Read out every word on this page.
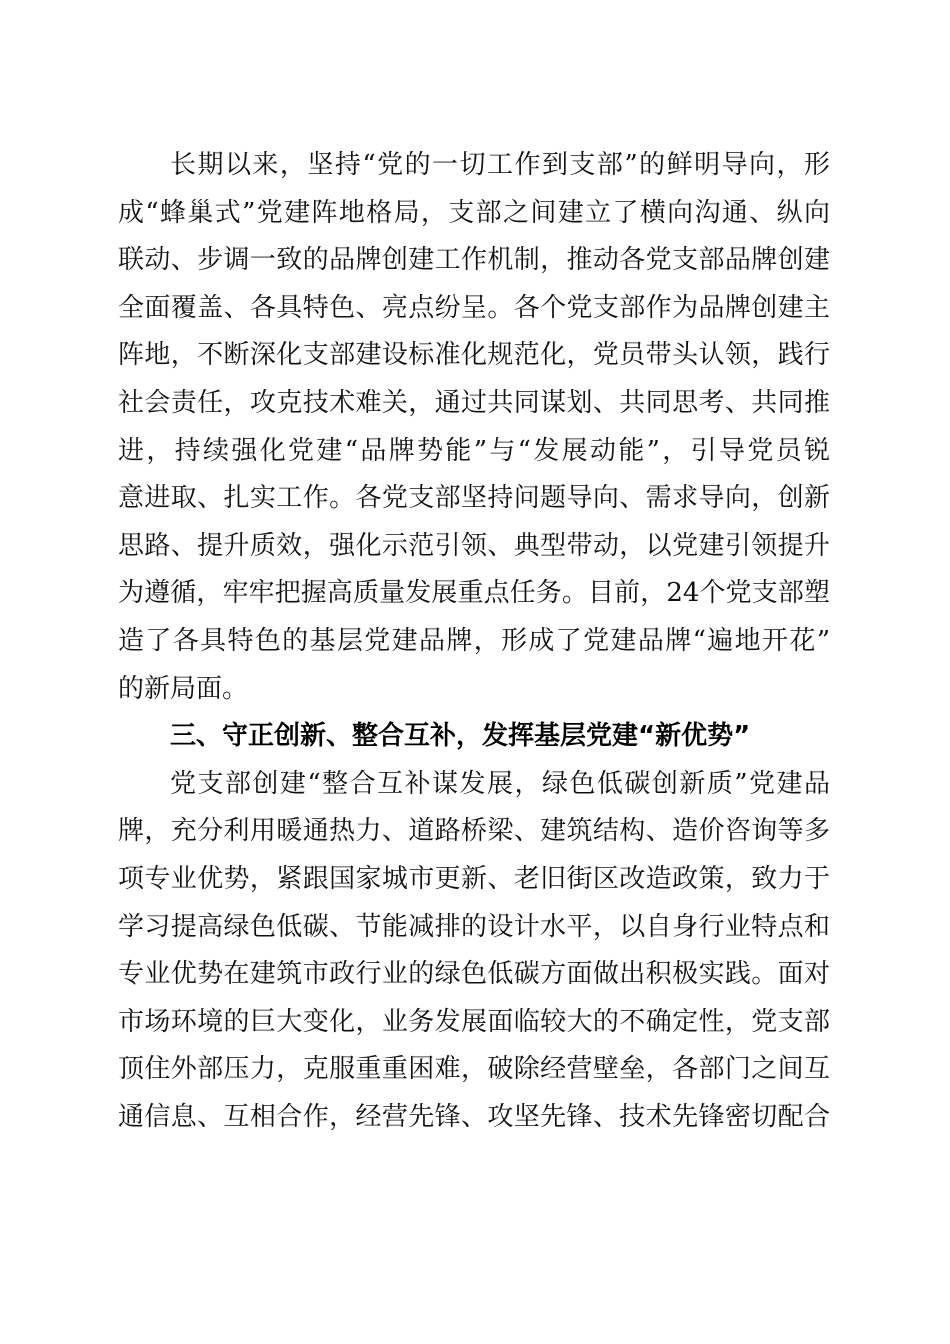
长期以来，坚持“党的一切工作到支部”的鲜明导向，形
成“蜂巢式”党建阵地格局，支部之间建立了横向沟通、纵向
联动、步调一致的品牌创建工作机制，推动各党支部品牌创建
全面覆盖、各具特色、亮点纷呈。各个党支部作为品牌创建主
阵地，不断深化支部建设标准化规范化，党员带头认领，践行
社会责任，攻克技术难关，通过共同谋划、共同思考、共同推
进，持续强化党建“品牌势能”与“发展动能”，引导党员锐
意进取、扎实工作。各党支部坚持问题导向、需求导向，创新
思路、提升质效，强化示范引领、典型带动，以党建引领提升
为遵循，牢牢把握高质量发展重点任务。目前，24个党支部塑
造了各具特色的基层党建品牌，形成了党建品牌“遍地开花”
的新局面。
三、守正创新、整合互补，发挥基层党建“新优势”
党支部创建“整合互补谋发展，绿色低碳创新质”党建品
牌，充分利用暖通热力、道路桥梁、建筑结构、造价咨询等多
项专业优势，紧跟国家城市更新、老旧街区改造政策，致力于
学习提高绿色低碳、节能减排的设计水平，以自身行业特点和
专业优势在建筑市政行业的绿色低碳方面做出积极实践。面对
市场环境的巨大变化，业务发展面临较大的不确定性，党支部
顶住外部压力，克服重重困难，破除经营壁垒，各部门之间互
通信息、互相合作，经营先锋、攻坚先锋、技术先锋密切配合
